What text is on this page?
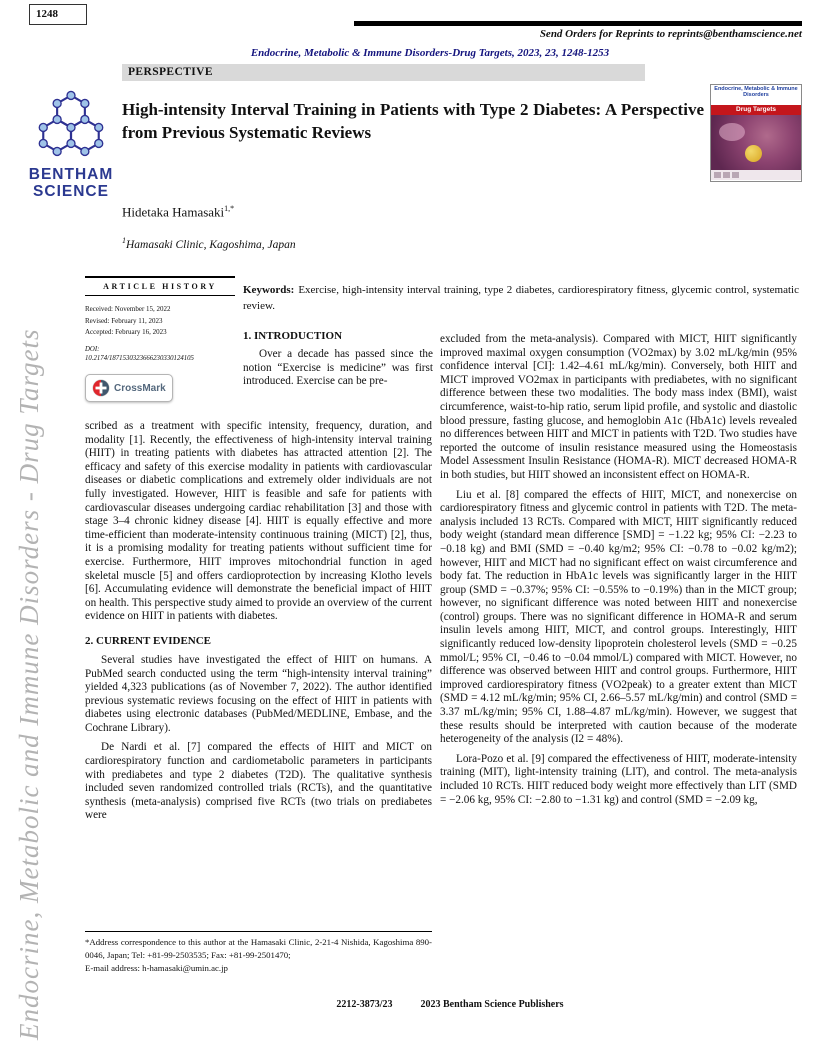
1248
Send Orders for Reprints to reprints@benthamscience.net
Endocrine, Metabolic & Immune Disorders-Drug Targets, 2023, 23, 1248-1253
PERSPECTIVE
BENTHAM
SCIENCE
Endocrine, Metabolic & Immune Disorders
Drug Targets
High-intensity Interval Training in Patients with Type 2 Diabetes: A Perspective from Previous Systematic Reviews
Hidetaka Hamasaki$^{1,*}$
$^1$Hamasaki Clinic, Kagoshima, Japan
ARTICLE HISTORY
Received: November 15, 2022
Revised: February 11, 2023
Accepted: February 16, 2023
DOI:
10.2174/1871530323666230330124105
CrossMark

Keywords: Exercise, high-intensity interval training, type 2 diabetes, cardiorespiratory fitness, glycemic control, systematic review.

1. INTRODUCTION

Over a decade has passed since the notion “Exercise is medicine” was first introduced. Exercise can be pre-

scribed as a treatment with specific intensity, frequency, duration, and modality [1]. Recently, the effectiveness of high-intensity interval training (HIIT) in treating patients with diabetes has attracted attention [2]. The efficacy and safety of this exercise modality in patients with cardiovascular diseases or diabetic complications and extremely older individuals are not fully investigated. However, HIIT is feasible and safe for patients with cardiovascular diseases undergoing cardiac rehabilitation [3] and those with stage 3–4 chronic kidney disease [4]. HIIT is equally effective and more time-efficient than moderate-intensity continuous training (MICT) [2], thus, it is a promising modality for treating patients without sufficient time for exercise. Furthermore, HIIT improves mitochondrial function in aged skeletal muscle [5] and offers cardioprotection by increasing Klotho levels [6]. Accumulating evidence will demonstrate the beneficial impact of HIIT on health. This perspective study aimed to provide an overview of the current evidence on HIIT in patients with diabetes.

2. CURRENT EVIDENCE

Several studies have investigated the effect of HIIT on humans. A PubMed search conducted using the term “high-intensity interval training” yielded 4,323 publications (as of November 7, 2022). The author identified previous systematic reviews focusing on the effect of HIIT in patients with diabetes using electronic databases (PubMed/MEDLINE, Embase, and the Cochrane Library).

De Nardi et al. [7] compared the effects of HIIT and MICT on cardiorespiratory function and cardiometabolic parameters in participants with prediabetes and type 2 diabetes (T2D). The qualitative synthesis included seven randomized controlled trials (RCTs), and the quantitative synthesis (meta-analysis) comprised five RCTs (two trials on prediabetes were

excluded from the meta-analysis). Compared with MICT, HIIT significantly improved maximal oxygen consumption (VO2max) by 3.02 mL/kg/min (95% confidence interval [CI]: 1.42–4.61 mL/kg/min). Conversely, both HIIT and MICT improved VO2max in participants with prediabetes, with no significant difference between these two modalities. The body mass index (BMI), waist circumference, waist-to-hip ratio, serum lipid profile, and systolic and diastolic blood pressure, fasting glucose, and hemoglobin A1c (HbA1c) levels revealed no differences between HIIT and MICT in patients with T2D. Two studies have reported the outcome of insulin resistance measured using the Homeostasis Model Assessment Insulin Resistance (HOMA-R). MICT decreased HOMA-R in both studies, but HIIT showed an inconsistent effect on HOMA-R.

Liu et al. [8] compared the effects of HIIT, MICT, and nonexercise on cardiorespiratory fitness and glycemic control in patients with T2D. The meta-analysis included 13 RCTs. Compared with MICT, HIIT significantly reduced body weight (standard mean difference [SMD] = −1.22 kg; 95% CI: −2.23 to −0.18 kg) and BMI (SMD = −0.40 kg/m2; 95% CI: −0.78 to −0.02 kg/m2); however, HIIT and MICT had no significant effect on waist circumference and body fat. The reduction in HbA1c levels was significantly larger in the HIIT group (SMD = −0.37%; 95% CI: −0.55% to −0.19%) than in the MICT group; however, no significant difference was noted between HIIT and nonexercise (control) groups. There was no significant difference in HOMA-R and serum insulin levels among HIIT, MICT, and control groups. Interestingly, HIIT significantly reduced low-density lipoprotein cholesterol levels (SMD = −0.25 mmol/L; 95% CI, −0.46 to −0.04 mmol/L) compared with MICT. However, no difference was observed between HIIT and control groups. Furthermore, HIIT improved cardiorespiratory fitness (VO2peak) to a greater extent than MICT (SMD = 4.12 mL/kg/min; 95% CI, 2.66–5.57 mL/kg/min) and control (SMD = 3.37 mL/kg/min; 95% CI, 1.88–4.87 mL/kg/min). However, we suggest that these results should be interpreted with caution because of the moderate heterogeneity of the analysis (I2 = 48%).

Lora-Pozo et al. [9] compared the effectiveness of HIIT, moderate-intensity training (MIT), light-intensity training (LIT), and control. The meta-analysis included 10 RCTs. HIIT reduced body weight more effectively than LIT (SMD = −2.06 kg, 95% CI: −2.80 to −1.31 kg) and control (SMD = −2.09 kg,

*Address correspondence to this author at the Hamasaki Clinic, 2-21-4 Nishida, Kagoshima 890-0046, Japan; Tel: +81-99-2503535; Fax: +81-99-2501470;
E-mail address: h-hamasaki@umin.ac.jp
2212-3873/23	2023 Bentham Science Publishers
Endocrine, Metabolic and Immune Disorders - Drug Targets
